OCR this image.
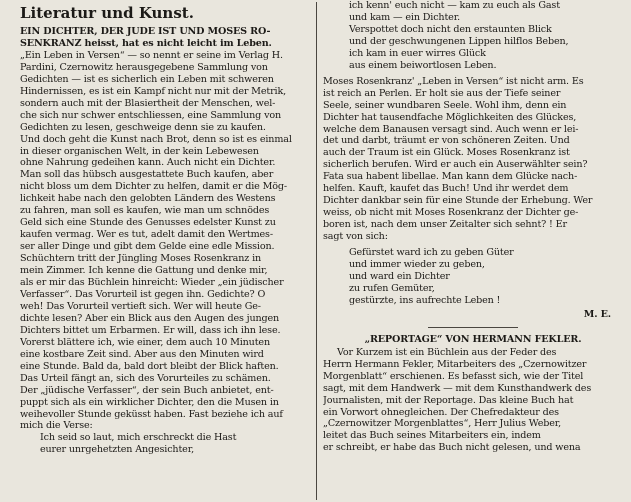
Literatur und Kunst.
EIN DICHTER, DER JUDE IST UND MOSES RO-
SENKRANZ heisst, hat es nicht leicht im Leben.
„Ein Leben in Versen“ — so nennt er seine im Verlag H.
Pardini, Czernowitz herausgegebene Sammlung von
Gedichten — ist es sicherlich ein Leben mit schweren
Hindernissen, es ist ein Kampf nicht nur mit der Metrik,
sondern auch mit der Blasiertheit der Menschen, wel-
che sich nur schwer entschliessen, eine Sammlung von
Gedichten zu lesen, geschweige denn sie zu kaufen.
Und doch geht die Kunst nach Brot, denn so ist es einmal
in dieser organischen Welt, in der kein Lebewesen
ohne Nahrung gedeihen kann. Auch nicht ein Dichter.
Man soll das hübsch ausgestattete Buch kaufen, aber
nicht bloss um dem Dichter zu helfen, damit er die Mög-
lichkeit habe nach den gelobten Ländern des Westens
zu fahren, man soll es kaufen, wie man um schnödes
Geld sich eine Stunde des Genusses edelster Kunst zu
kaufen vermag. Wer es tut, adelt damit den Wertmes-
ser aller Dinge und gibt dem Gelde eine edle Mission.
Schüchtern tritt der Jüngling Moses Rosenkranz in
mein Zimmer. Ich kenne die Gattung und denke mir,
als er mir das Büchlein hinreicht: Wieder „ein jüdischer
Verfasser“. Das Vorurteil ist gegen ihn. Gedichte? O
weh! Das Vorurteil vertieft sich. Wer will heute Ge-
dichte lesen? Aber ein Blick aus den Augen des jungen
Dichters bittet um Erbarmen. Er will, dass ich ihn lese.
Vorerst blättere ich, wie einer, dem auch 10 Minuten
eine kostbare Zeit sind. Aber aus den Minuten wird
eine Stunde. Bald da, bald dort bleibt der Blick haften.
Das Urteil fängt an, sich des Vorurteiles zu schämen.
Der „jüdische Verfasser“, der sein Buch anbietet, ent-
puppt sich als ein wirklicher Dichter, den die Musen in
weihevoller Stunde geküsst haben. Fast beziehe ich auf
mich die Verse:
Ich seid so laut, mich erschreckt die Hast
eurer unrgehetzten Angesichter,
ich kenn' euch nicht — kam zu euch als Gast
und kam — ein Dichter.
Verspottet doch nicht den erstaunten Blick
und der geschwungenen Lippen hilflos Beben,
ich kam in euer wirres Glück
aus einem beiwortlosen Leben.
Moses Rosenkranz' „Leben in Versen“ ist nicht arm. Es
ist reich an Perlen. Er holt sie aus der Tiefe seiner
Seele, seiner wundbaren Seele. Wohl ihm, denn ein
Dichter hat tausendfache Möglichkeiten des Glückes,
welche dem Banausen versagt sind. Auch wenn er lei-
det und darbt, träumt er von schöneren Zeiten. Und
auch der Traum ist ein Glück. Moses Rosenkranz ist
sicherlich berufen. Wird er auch ein Auserwählter sein?
Fata sua habent libellae. Man kann dem Glücke nach-
helfen. Kauft, kaufet das Buch! Und ihr werdet dem
Dichter dankbar sein für eine Stunde der Erhebung. Wer
weiss, ob nicht mit Moses Rosenkranz der Dichter ge-
boren ist, nach dem unser Zeitalter sich sehnt? ! Er
sagt von sich:
Gefürstet ward ich zu geben Güter
und immer wieder zu geben,
und ward ein Dichter
zu rufen Gemüter,
gestürzte, ins aufrechte Leben !
M. E.
„REPORTAGE“ VON HERMANN FEKLER.
Vor Kurzem ist ein Büchlein aus der Feder des
Herrn Hermann Fekler, Mitarbeiters des „Czernowitzer
Morgenblatt“ erschienen. Es befasst sich, wie der Titel
sagt, mit dem Handwerk — mit dem Kunsthandwerk des
Journalisten, mit der Reportage. Das kleine Buch hat
ein Vorwort ohnegleichen. Der Chefredakteur des
„Czernowitzer Morgenblattes“, Herr Julius Weber,
leitet das Buch seines Mitarbeiters ein, indem
er schreibt, er habe das Buch nicht gelesen, und wena
